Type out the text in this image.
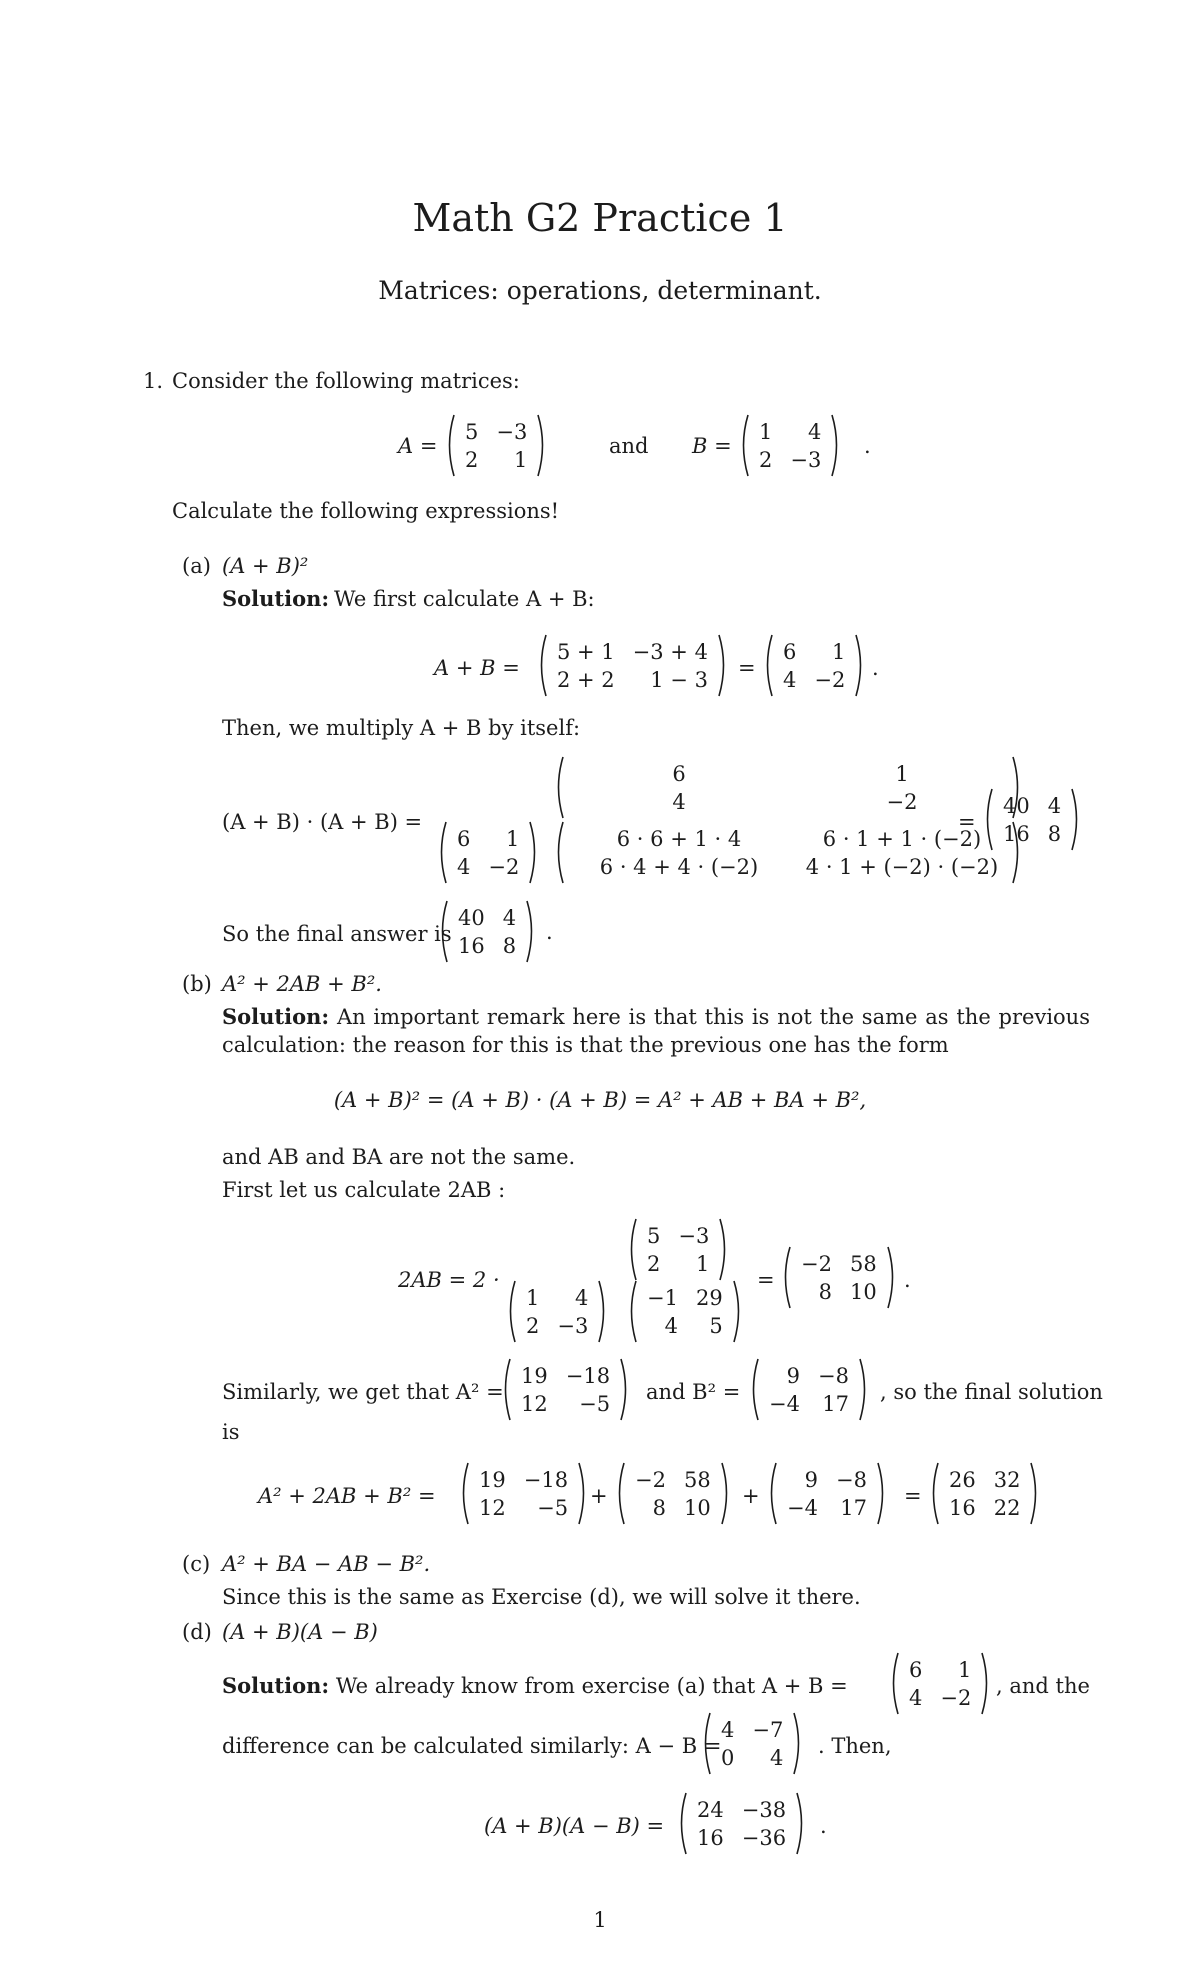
Math G2 Practice 1
Matrices: operations, determinant.
1. Consider the following matrices:
A =
5	−3
2	1
and B =
1	4
2	−3
.
Calculate the following expressions!
(a) (A + B)²
Solution: We first calculate A + B:
A + B =
5 + 1	−3 + 4
2 + 2	1 − 3 =
6	1
4	−2 .
Then, we multiply A + B by itself:
(A + B) · (A + B) =
6	1
4	−2
6	1
4	−2
6 · 6 + 1 · 4	6 · 1 + 1 · (−2)
6 · 4 + 4 · (−2)	4 · 1 + (−2) · (−2)
=
40	4
16	8
So the final answer is
40	4
16	8
.
(b) A² + 2AB + B².
Solution: An important remark here is that this is not the same as the previous calculation: the reason for this is that the previous one has the form
(A + B)² = (A + B) · (A + B) = A² + AB + BA + B²,
and AB and BA are not the same.
First let us calculate 2AB :
2AB = 2 ·
5	−3
2	1
1	4
2	−3
−1	29
4	5
=
−2	58
8	10 .
Similarly, we get that A² =
19	−18
12	−5 and B² =
9	−8
−4	17 , so the final solution
is
A² + 2AB + B² =
19	−18
12	−5 +
−2	58
8	10 +
9	−8
−4	17 =
26	32
16	22
(c) A² + BA − AB − B².
Since this is the same as Exercise (d), we will solve it there.
(d) (A + B)(A − B)
Solution: We already know from exercise (a) that A + B =
6	1
4	−2 , and the
difference can be calculated similarly: A − B =
4	−7
0	4 . Then,
(A + B)(A − B) =
24	−38
16	−36 .
1
